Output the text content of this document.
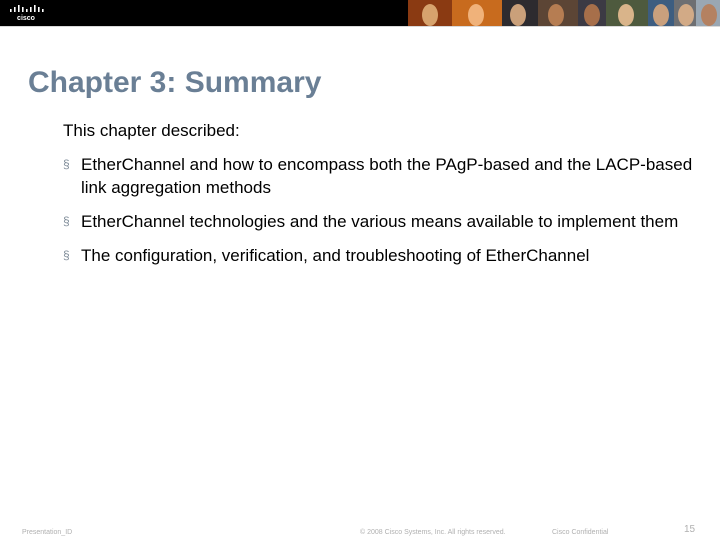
cisco
Chapter 3: Summary
This chapter described:
§ EtherChannel and how to encompass both the PAgP-based and the LACP-based link aggregation methods
§ EtherChannel technologies and the various means available to implement them
§ The configuration, verification, and troubleshooting of EtherChannel
Presentation_ID	© 2008 Cisco Systems, Inc. All rights reserved.	Cisco Confidential	15
